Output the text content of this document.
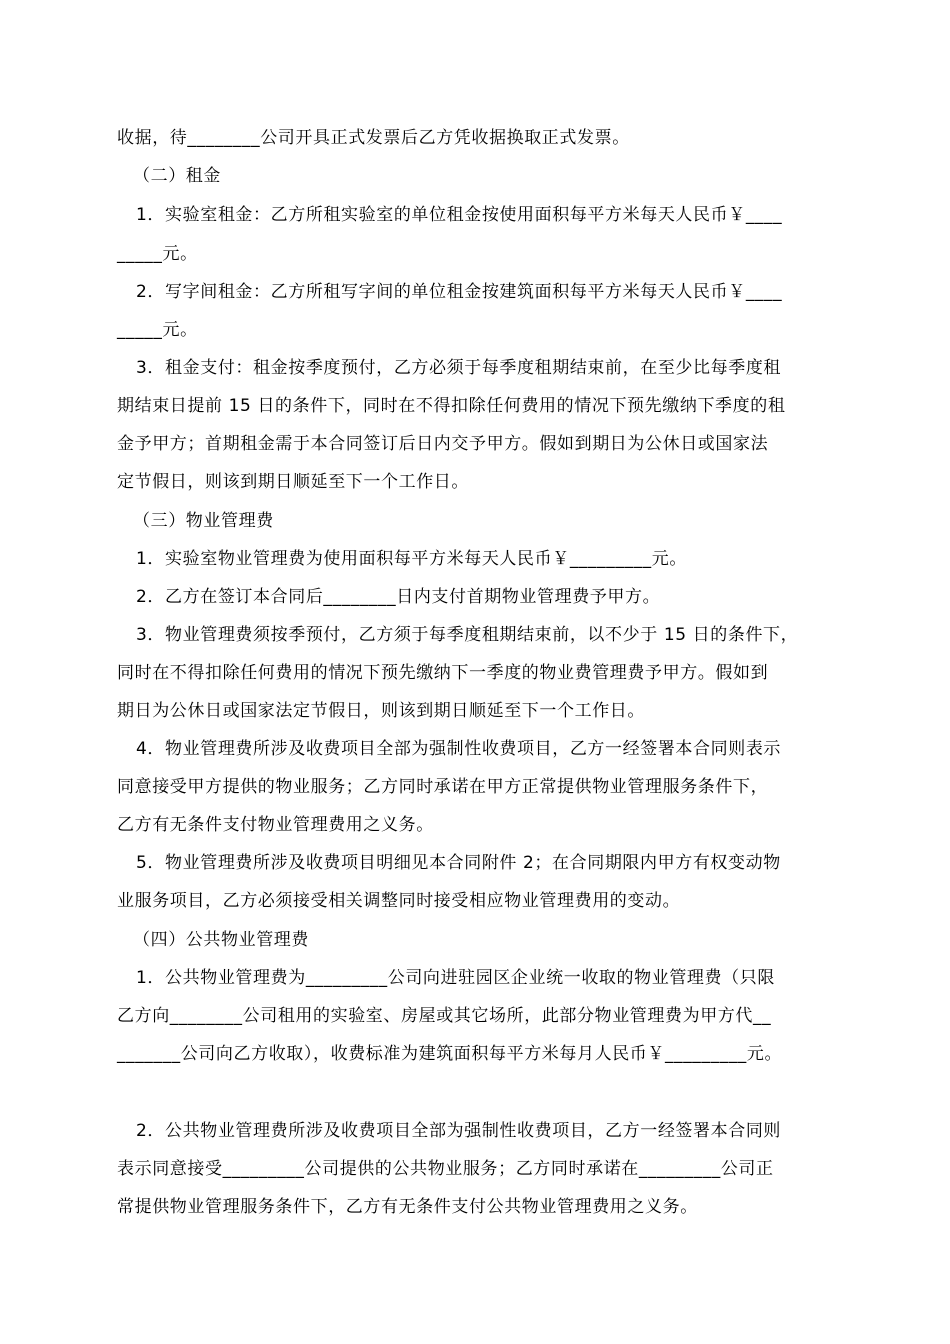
收据，待________公司开具正式发票后乙方凭收据换取正式发票。
（二）租金
1．实验室租金：乙方所租实验室的单位租金按使用面积每平方米每天人民币￥____
_____元。
2．写字间租金：乙方所租写字间的单位租金按建筑面积每平方米每天人民币￥____
_____元。
3．租金支付：租金按季度预付，乙方必须于每季度租期结束前，在至少比每季度租
期结束日提前 15 日的条件下，同时在不得扣除任何费用的情况下预先缴纳下季度的租
金予甲方；首期租金需于本合同签订后日内交予甲方。假如到期日为公休日或国家法
定节假日，则该到期日顺延至下一个工作日。
（三）物业管理费
1．实验室物业管理费为使用面积每平方米每天人民币￥_________元。
2．乙方在签订本合同后________日内支付首期物业管理费予甲方。
3．物业管理费须按季预付，乙方须于每季度租期结束前，以不少于 15 日的条件下，
同时在不得扣除任何费用的情况下预先缴纳下一季度的物业费管理费予甲方。假如到
期日为公休日或国家法定节假日，则该到期日顺延至下一个工作日。
4．物业管理费所涉及收费项目全部为强制性收费项目，乙方一经签署本合同则表示
同意接受甲方提供的物业服务；乙方同时承诺在甲方正常提供物业管理服务条件下，
乙方有无条件支付物业管理费用之义务。
5．物业管理费所涉及收费项目明细见本合同附件 2；在合同期限内甲方有权变动物
业服务项目，乙方必须接受相关调整同时接受相应物业管理费用的变动。
（四）公共物业管理费
1．公共物业管理费为_________公司向进驻园区企业统一收取的物业管理费（只限
乙方向________公司租用的实验室、房屋或其它场所，此部分物业管理费为甲方代__
_______公司向乙方收取），收费标准为建筑面积每平方米每月人民币￥_________元。
2．公共物业管理费所涉及收费项目全部为强制性收费项目，乙方一经签署本合同则
表示同意接受_________公司提供的公共物业服务；乙方同时承诺在_________公司正
常提供物业管理服务条件下，乙方有无条件支付公共物业管理费用之义务。
